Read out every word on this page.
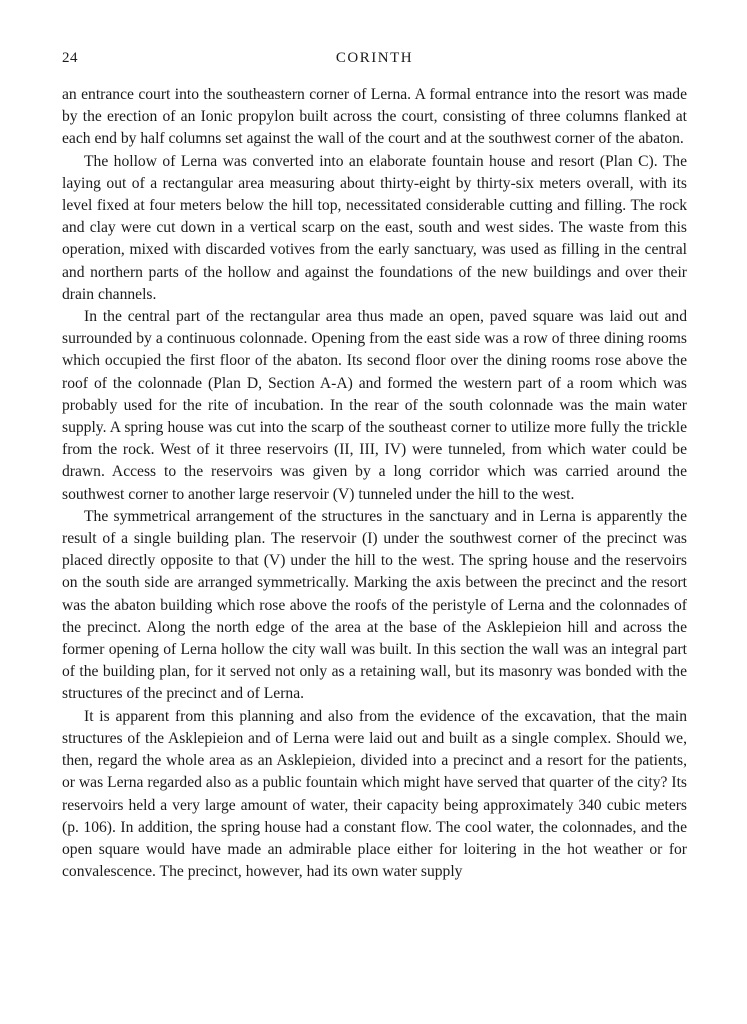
24	CORINTH

an entrance court into the southeastern corner of Lerna. A formal entrance into the resort was made by the erection of an Ionic propylon built across the court, consisting of three columns flanked at each end by half columns set against the wall of the court and at the southwest corner of the abaton.

The hollow of Lerna was converted into an elaborate fountain house and resort (Plan C). The laying out of a rectangular area measuring about thirty-eight by thirty-six meters overall, with its level fixed at four meters below the hill top, necessitated considerable cutting and filling. The rock and clay were cut down in a vertical scarp on the east, south and west sides. The waste from this operation, mixed with discarded votives from the early sanctuary, was used as filling in the central and northern parts of the hollow and against the foundations of the new buildings and over their drain channels.

In the central part of the rectangular area thus made an open, paved square was laid out and surrounded by a continuous colonnade. Opening from the east side was a row of three dining rooms which occupied the first floor of the abaton. Its second floor over the dining rooms rose above the roof of the colonnade (Plan D, Section A-A) and formed the western part of a room which was probably used for the rite of incubation. In the rear of the south colonnade was the main water supply. A spring house was cut into the scarp of the southeast corner to utilize more fully the trickle from the rock. West of it three reservoirs (II, III, IV) were tunneled, from which water could be drawn. Access to the reservoirs was given by a long corridor which was carried around the southwest corner to another large reservoir (V) tunneled under the hill to the west.

The symmetrical arrangement of the structures in the sanctuary and in Lerna is apparently the result of a single building plan. The reservoir (I) under the southwest corner of the precinct was placed directly opposite to that (V) under the hill to the west. The spring house and the reservoirs on the south side are arranged symmetrically. Marking the axis between the precinct and the resort was the abaton building which rose above the roofs of the peristyle of Lerna and the colonnades of the precinct. Along the north edge of the area at the base of the Asklepieion hill and across the former opening of Lerna hollow the city wall was built. In this section the wall was an integral part of the building plan, for it served not only as a retaining wall, but its masonry was bonded with the structures of the precinct and of Lerna.

It is apparent from this planning and also from the evidence of the excavation, that the main structures of the Asklepieion and of Lerna were laid out and built as a single complex. Should we, then, regard the whole area as an Asklepieion, divided into a precinct and a resort for the patients, or was Lerna regarded also as a public fountain which might have served that quarter of the city? Its reservoirs held a very large amount of water, their capacity being approximately 340 cubic meters (p. 106). In addition, the spring house had a constant flow. The cool water, the colonnades, and the open square would have made an admirable place either for loitering in the hot weather or for convalescence. The precinct, however, had its own water supply
